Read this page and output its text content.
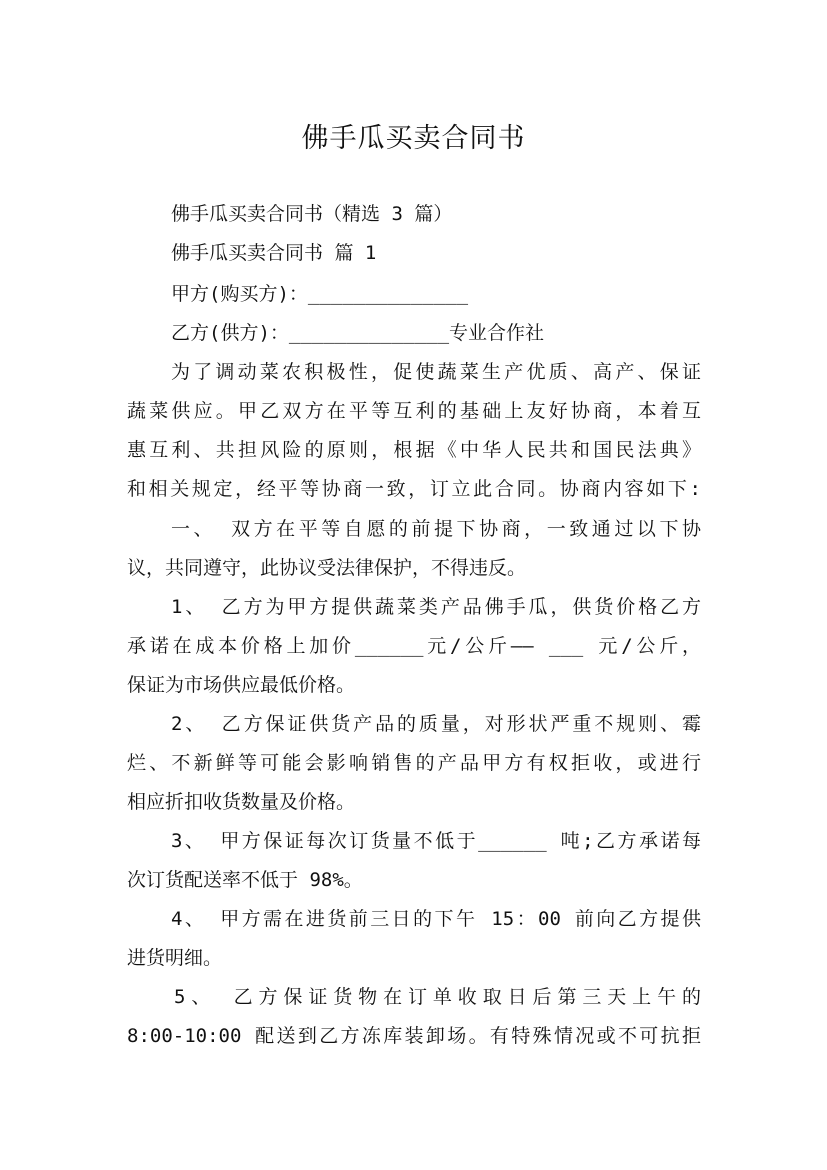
佛手瓜买卖合同书
佛手瓜买卖合同书（精选 3 篇）
佛手瓜买卖合同书 篇 1
甲方(购买方)：______________
乙方(供方)：______________专业合作社
为了调动菜农积极性，促使蔬菜生产优质、高产、保证
蔬菜供应。甲乙双方在平等互利的基础上友好协商，本着互
惠互利、共担风险的原则，根据《中华人民共和国民法典》
和相关规定，经平等协商一致，订立此合同。协商内容如下:
一、 双方在平等自愿的前提下协商，一致通过以下协
议，共同遵守，此协议受法律保护，不得违反。
1、 乙方为甲方提供蔬菜类产品佛手瓜，供货价格乙方
承诺在成本价格上加价______元/公斤—— ___ 元/公斤，
保证为市场供应最低价格。
2、 乙方保证供货产品的质量，对形状严重不规则、霉
烂、不新鲜等可能会影响销售的产品甲方有权拒收，或进行
相应折扣收货数量及价格。
3、 甲方保证每次订货量不低于______ 吨;乙方承诺每
次订货配送率不低于 98%。
4、 甲方需在进货前三日的下午 15：00 前向乙方提供
进货明细。
5、 乙方保证货物在订单收取日后第三天上午的
8:00-10:00 配送到乙方冻库装卸场。有特殊情况或不可抗拒
